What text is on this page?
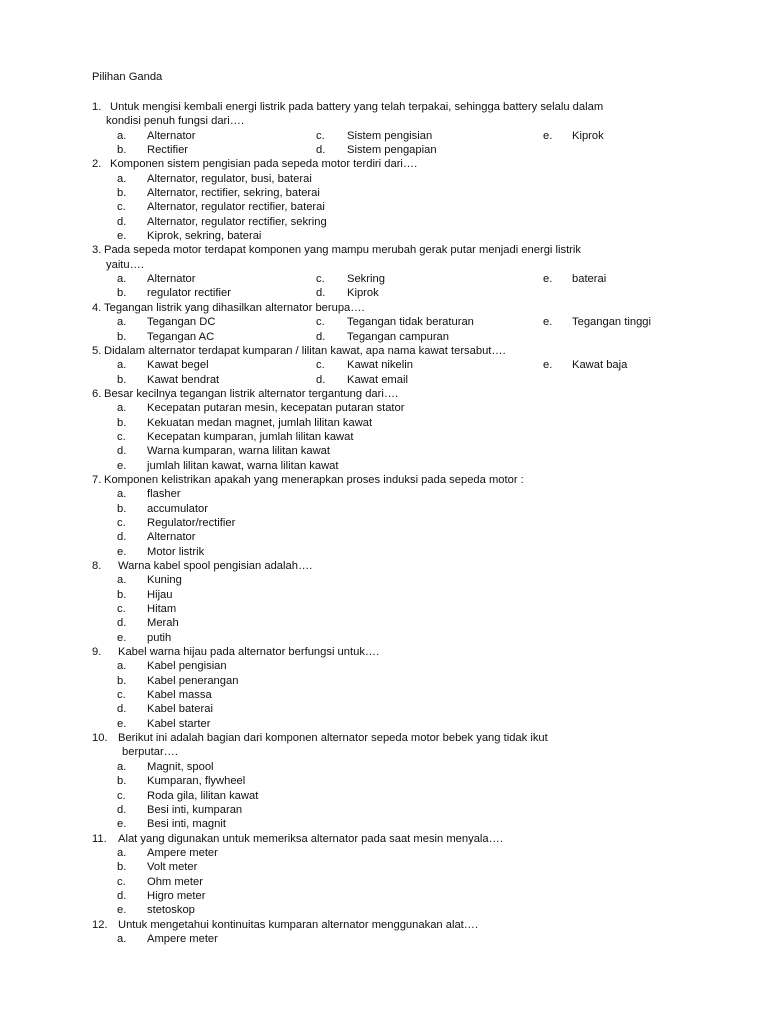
Pilihan Ganda
1. Untuk mengisi kembali energi listrik pada battery yang telah terpakai, sehingga battery selalu dalam
kondisi penuh fungsi dari….
a. Alternator	c. Sistem pengisian	e. Kiprok
b. Rectifier	d. Sistem pengapian
2. Komponen sistem pengisian pada sepeda motor terdiri dari….
a. Alternator, regulator, busi, baterai
b. Alternator, rectifier, sekring, baterai
c. Alternator, regulator rectifier, baterai
d. Alternator, regulator rectifier, sekring
e. Kiprok, sekring, baterai
3. Pada sepeda motor terdapat komponen yang mampu merubah gerak putar menjadi energi listrik
yaitu….
a. Alternator	c. Sekring	e. baterai
b. regulator rectifier	d. Kiprok
4. Tegangan listrik yang dihasilkan alternator berupa….
a. Tegangan DC	c. Tegangan tidak beraturan	e. Tegangan tinggi
b. Tegangan AC	d. Tegangan campuran
5. Didalam alternator terdapat kumparan / lilitan kawat, apa nama kawat tersabut….
a. Kawat begel	c. Kawat nikelin	e. Kawat baja
b. Kawat bendrat	d. Kawat email
6. Besar kecilnya tegangan listrik alternator tergantung dari….
a. Kecepatan putaran mesin, kecepatan putaran stator
b. Kekuatan medan magnet, jumlah lilitan kawat
c. Kecepatan kumparan, jumlah lilitan kawat
d. Warna kumparan, warna lilitan kawat
e. jumlah lilitan kawat, warna lilitan kawat
7. Komponen kelistrikan apakah yang menerapkan proses induksi pada sepeda motor :
a. flasher
b. accumulator
c. Regulator/rectifier
d. Alternator
e. Motor listrik
8. Warna kabel spool pengisian adalah….
a. Kuning
b. Hijau
c. Hitam
d. Merah
e. putih
9. Kabel warna hijau pada alternator berfungsi untuk….
a. Kabel pengisian
b. Kabel penerangan
c. Kabel massa
d. Kabel baterai
e. Kabel starter
10. Berikut ini adalah bagian dari komponen alternator sepeda motor bebek yang tidak ikut
berputar….
a. Magnit, spool
b. Kumparan, flywheel
c. Roda gila, lilitan kawat
d. Besi inti, kumparan
e. Besi inti, magnit
11. Alat yang digunakan untuk memeriksa alternator pada saat mesin menyala….
a. Ampere meter
b. Volt meter
c. Ohm meter
d. Higro meter
e. stetoskop
12. Untuk mengetahui kontinuitas kumparan alternator menggunakan alat….
a. Ampere meter
